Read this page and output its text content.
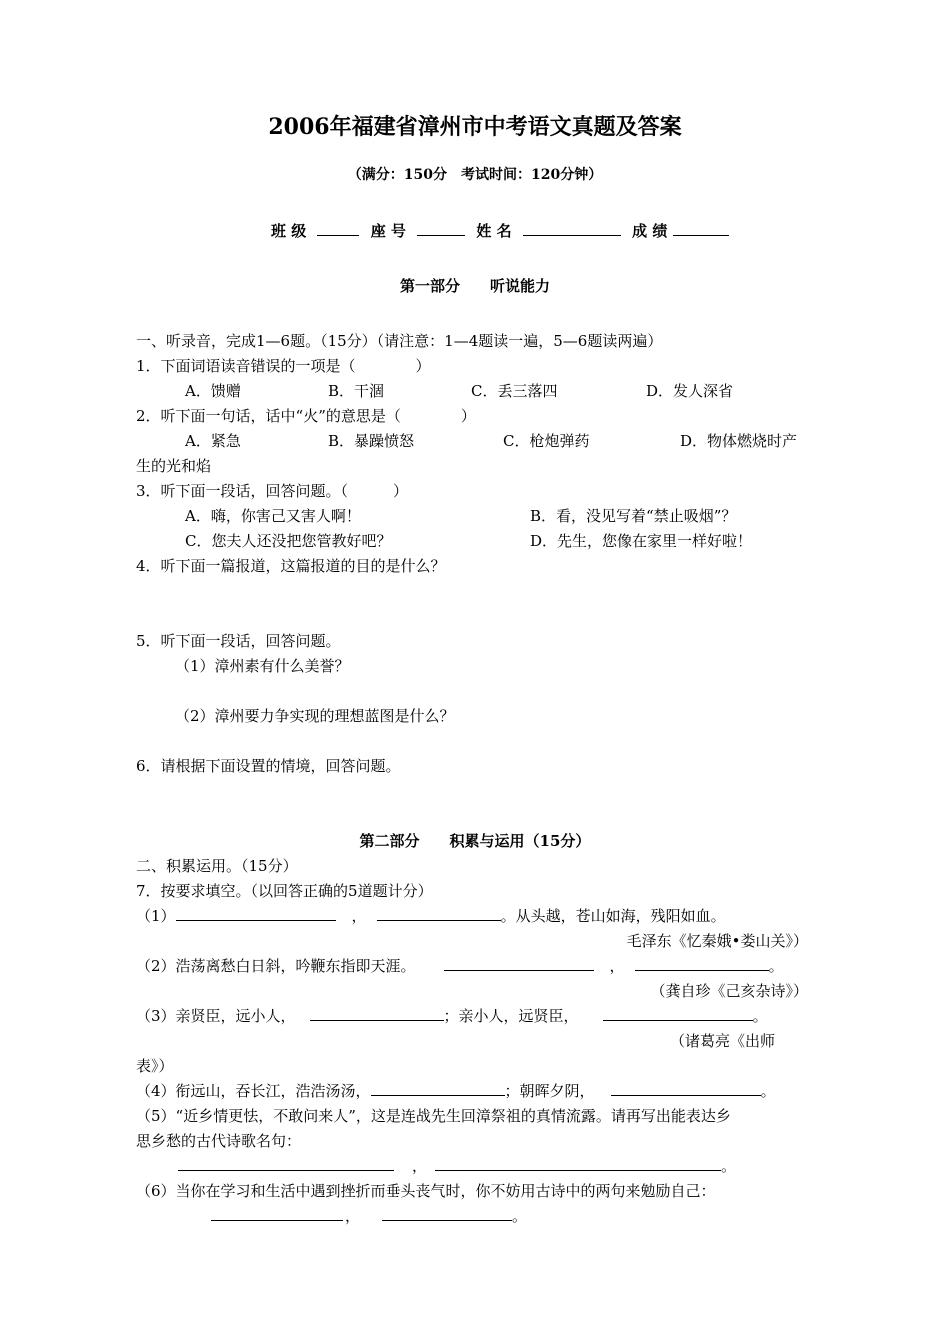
2006年福建省漳州市中考语文真题及答案
（满分：150分　考试时间：120分钟）
班 级	座 号	姓 名	成 绩
第一部分　　听说能力
一、听录音，完成1—6题。（15分）（请注意：1—4题读一遍，5—6题读两遍）
1．下面词语读音错误的一项是（　　　　）
A．馈赠	B．干涸	C．丢三落四	D．发人深省
2．听下面一句话，话中“火”的意思是（　　　　）
A．紧急	B．暴躁愤怒	C．枪炮弹药	D．物体燃烧时产
生的光和焰
3．听下面一段话，回答问题。（　　　）
A．嗨，你害己又害人啊！	B．看，没见写着“禁止吸烟”？
C．您夫人还没把您管教好吧？	D．先生，您像在家里一样好啦！
4．听下面一篇报道，这篇报道的目的是什么？
5．听下面一段话，回答问题。
（1）漳州素有什么美誉？
（2）漳州要力争实现的理想蓝图是什么？
6．请根据下面设置的情境，回答问题。
第二部分　　积累与运用（15分）
二、积累运用。（15分）
7．按要求填空。（以回答正确的5道题计分）
（1）	，	。从头越，苍山如海，残阳如血。
毛泽东《忆秦娥•娄山关》）
（2）浩荡离愁白日斜，吟鞭东指即天涯。	，	。
（龚自珍《己亥杂诗》）
（3）亲贤臣，远小人，	；亲小人，远贤臣，	。
（诸葛亮《出师
表》）
（4）衔远山，吞长江，浩浩汤汤，	；朝晖夕阴，	。
（5）“近乡情更怯，不敢问来人”，这是连战先生回漳祭祖的真情流露。请再写出能表达乡
思乡愁的古代诗歌名句：
，	。
（6）当你在学习和生活中遇到挫折而垂头丧气时，你不妨用古诗中的两句来勉励自己：
，	。
